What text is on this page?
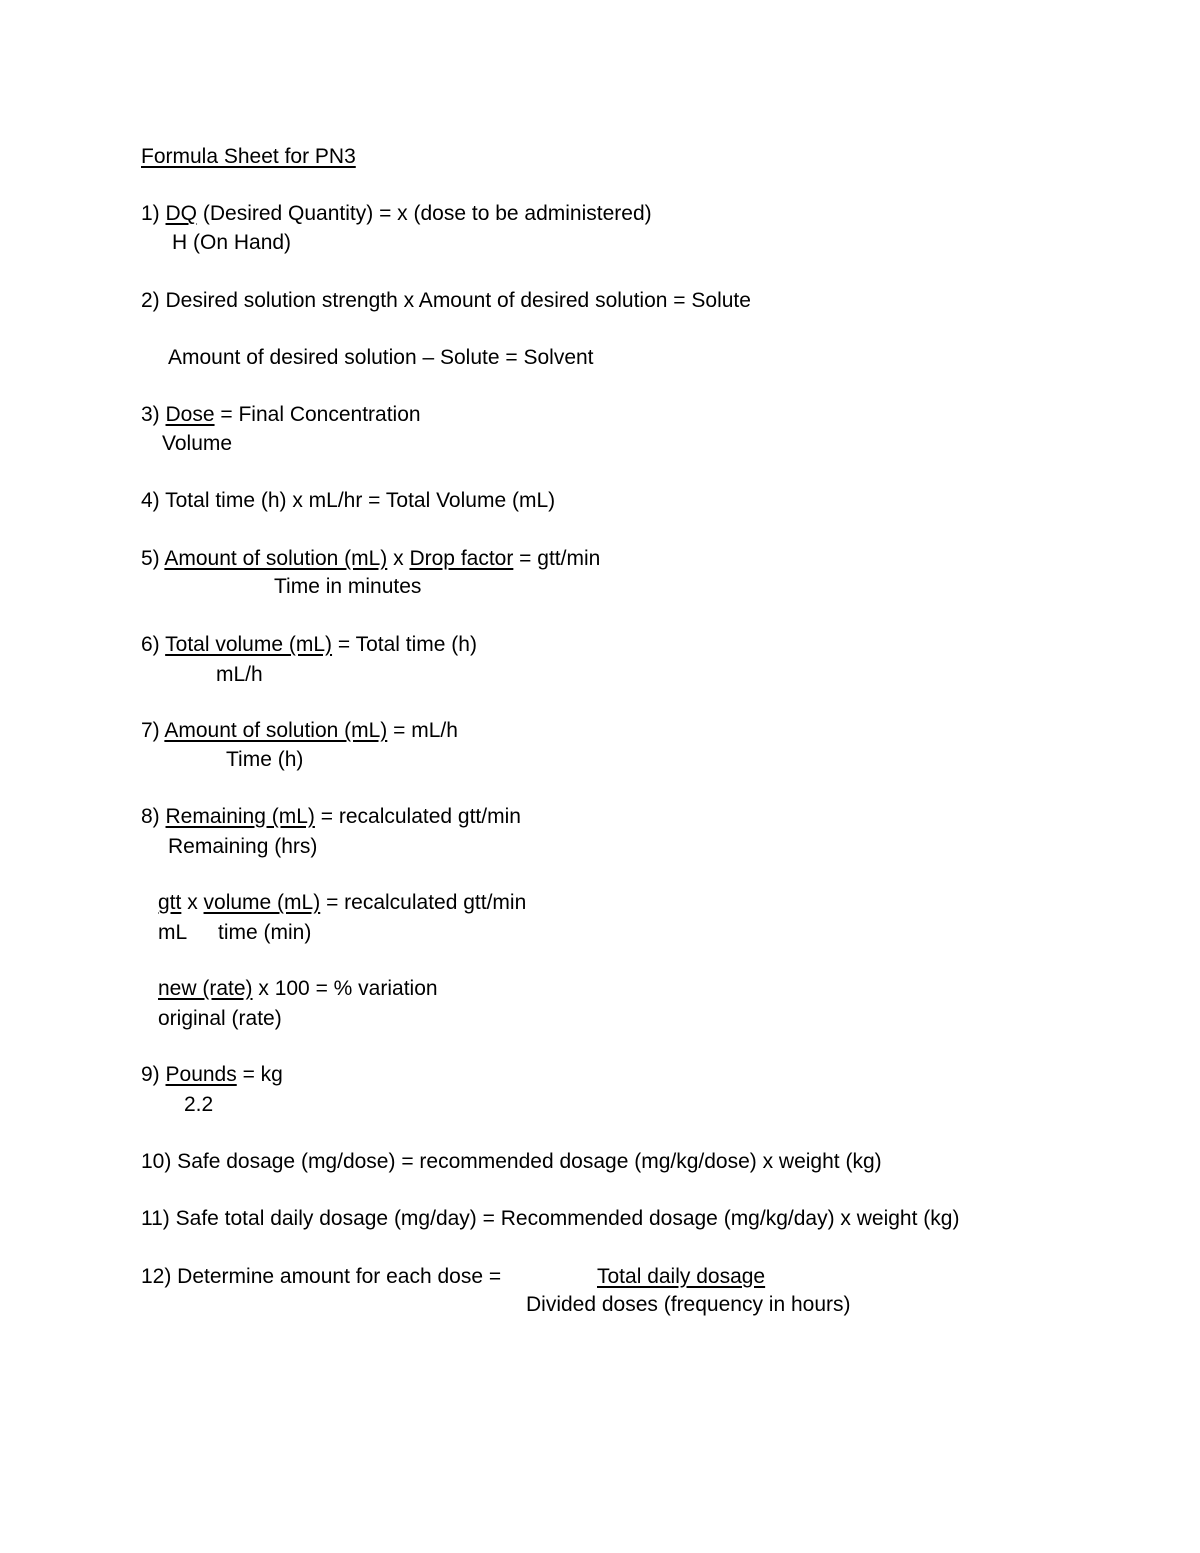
Formula Sheet for PN3
1) DQ (Desired Quantity) = x (dose to be administered)
H (On Hand)
2) Desired solution strength x Amount of desired solution = Solute
Amount of desired solution – Solute = Solvent
3) Dose = Final Concentration
Volume
4) Total time (h) x mL/hr = Total Volume (mL)
5) Amount of solution (mL) x Drop factor = gtt/min
Time in minutes
6) Total volume (mL) = Total time (h)
mL/h
7) Amount of solution (mL) = mL/h
Time (h)
8) Remaining (mL) = recalculated gtt/min
Remaining (hrs)
gtt x volume (mL) = recalculated gtt/min
mL time (min)
new (rate) x 100 = % variation
original (rate)
9) Pounds = kg
2.2
10) Safe dosage (mg/dose) = recommended dosage (mg/kg/dose) x weight (kg)
11) Safe total daily dosage (mg/day) = Recommended dosage (mg/kg/day) x weight (kg)
12) Determine amount for each dose =	Total daily dosage
Divided doses (frequency in hours)
